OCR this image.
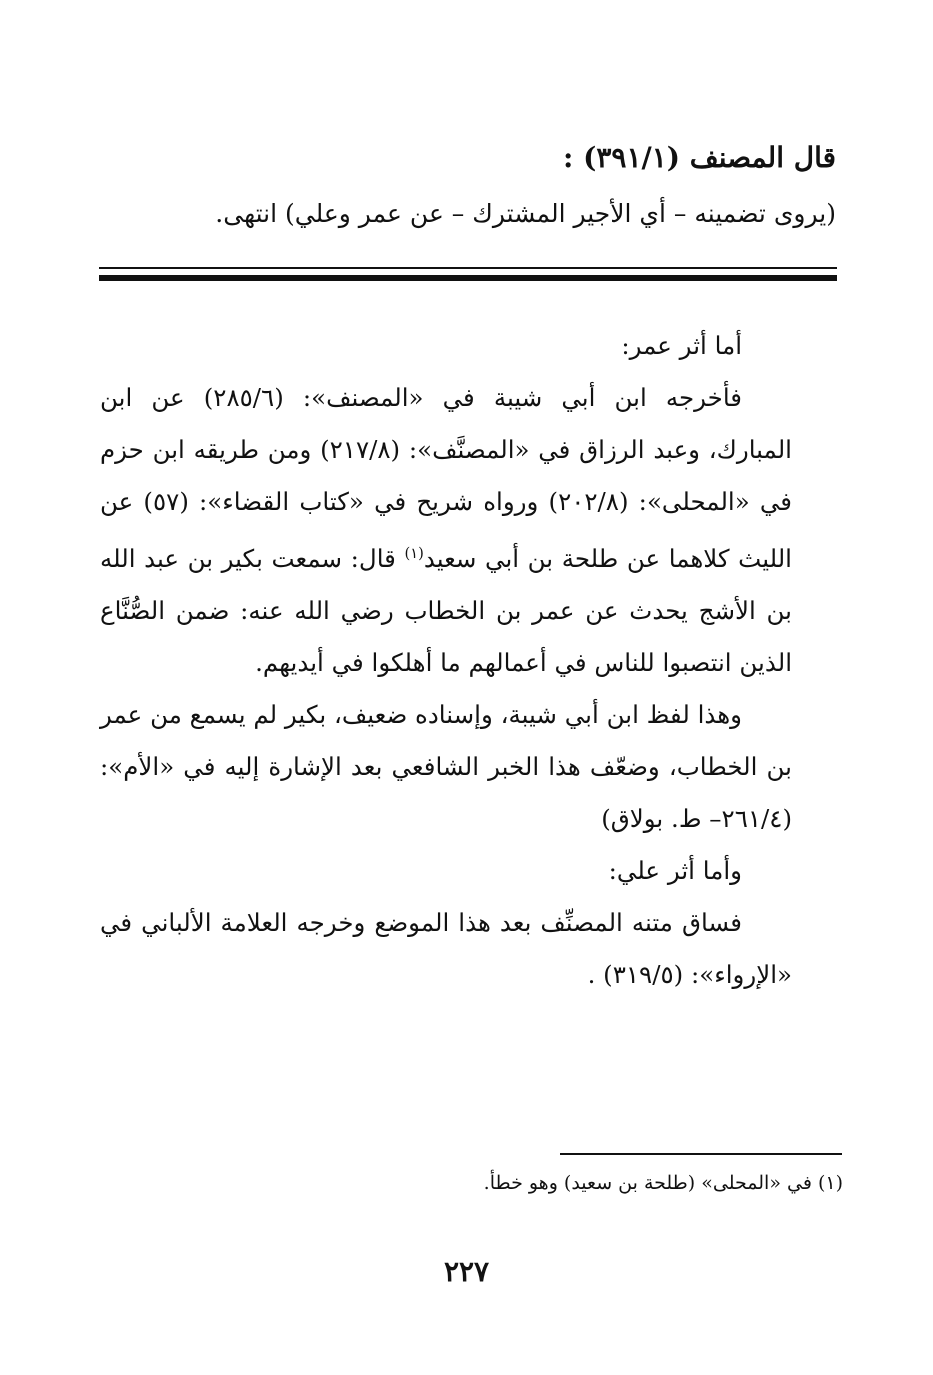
قال المصنف (٣٩١/١) :
(يروى تضمينه – أي الأجير المشترك – عن عمر وعلي) انتهى.

أما أثر عمر:

فأخرجه ابن أبي شيبة في «المصنف»: (٢٨٥/٦) عن ابن المبارك، وعبد الرزاق في «المصنَّف»: (٢١٧/٨) ومن طريقه ابن حزم في «المحلى»: (٢٠٢/٨) ورواه شريح في «كتاب القضاء»: (٥٧) عن الليث كلاهما عن طلحة بن أبي سعيد$^{(١)}$ قال: سمعت بكير بن عبد الله بن الأشج يحدث عن عمر بن الخطاب رضي الله عنه: ضمن الصُّنَّاع الذين انتصبوا للناس في أعمالهم ما أهلكوا في أيديهم.

وهذا لفظ ابن أبي شيبة، وإسناده ضعيف، بكير لم يسمع من عمر بن الخطاب، وضعّف هذا الخبر الشافعي بعد الإشارة إليه في «الأم»: (٢٦١/٤– ط. بولاق)

وأما أثر علي:

فساق متنه المصنِّف بعد هذا الموضع وخرجه العلامة الألباني في «الإرواء»: (٣١٩/٥) .

(١) في «المحلى» (طلحة بن سعيد) وهو خطأ.
٢٢٧
